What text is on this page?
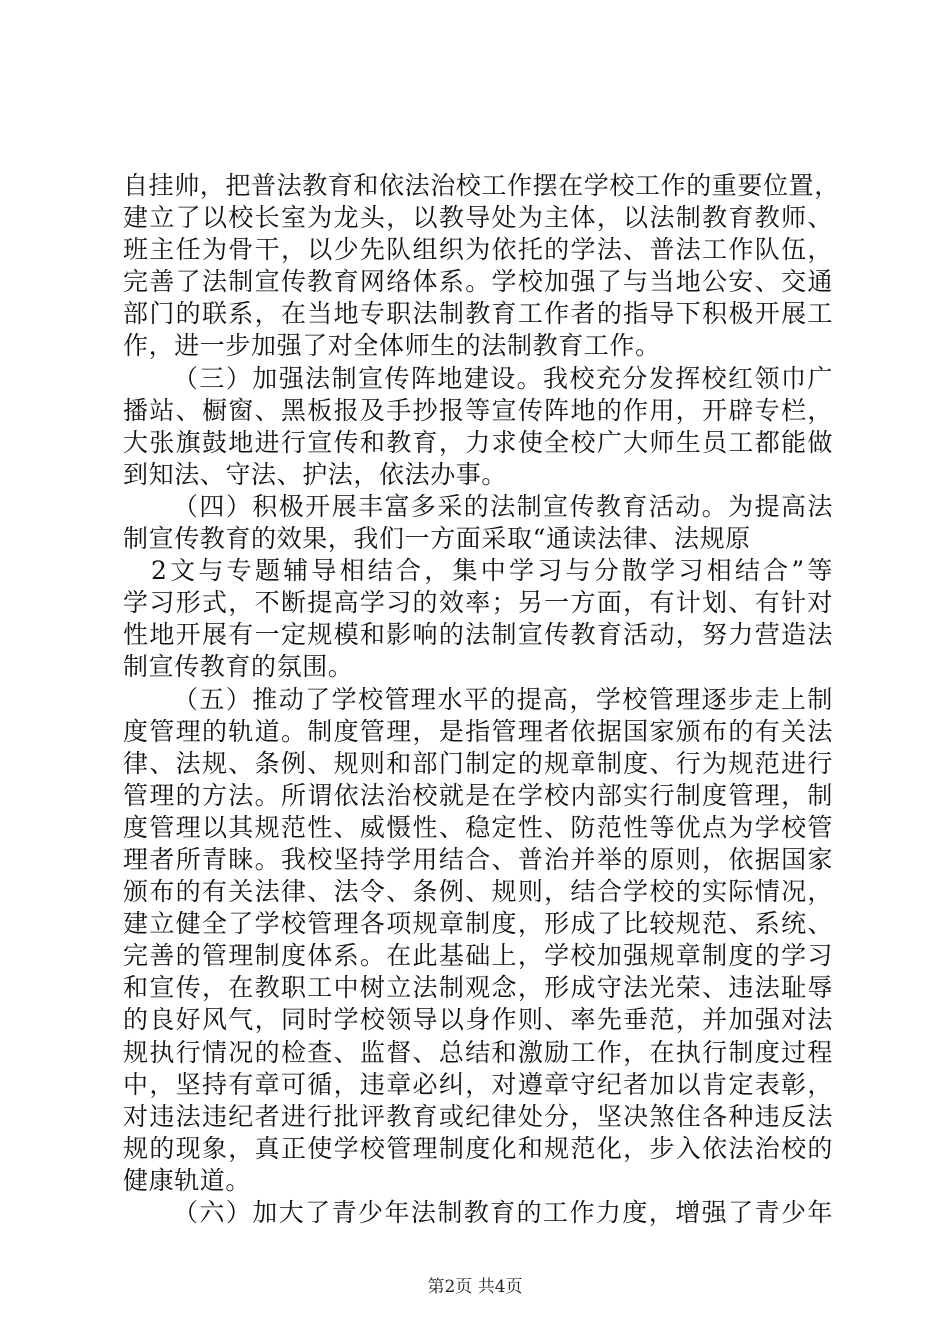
自挂帅，把普法教育和依法治校工作摆在学校工作的重要位置，
建立了以校长室为龙头，以教导处为主体，以法制教育教师、
班主任为骨干，以少先队组织为依托的学法、普法工作队伍，
完善了法制宣传教育网络体系。学校加强了与当地公安、交通
部门的联系，在当地专职法制教育工作者的指导下积极开展工
作，进一步加强了对全体师生的法制教育工作。
（三）加强法制宣传阵地建设。我校充分发挥校红领巾广
播站、橱窗、黑板报及手抄报等宣传阵地的作用，开辟专栏，
大张旗鼓地进行宣传和教育，力求使全校广大师生员工都能做
到知法、守法、护法，依法办事。
（四）积极开展丰富多采的法制宣传教育活动。为提高法
制宣传教育的效果，我们一方面采取“通读法律、法规原
2文与专题辅导相结合，集中学习与分散学习相结合”等
学习形式，不断提高学习的效率；另一方面，有计划、有针对
性地开展有一定规模和影响的法制宣传教育活动，努力营造法
制宣传教育的氛围。
（五）推动了学校管理水平的提高，学校管理逐步走上制
度管理的轨道。制度管理，是指管理者依据国家颁布的有关法
律、法规、条例、规则和部门制定的规章制度、行为规范进行
管理的方法。所谓依法治校就是在学校内部实行制度管理，制
度管理以其规范性、威慑性、稳定性、防范性等优点为学校管
理者所青睐。我校坚持学用结合、普治并举的原则，依据国家
颁布的有关法律、法令、条例、规则，结合学校的实际情况，
建立健全了学校管理各项规章制度，形成了比较规范、系统、
完善的管理制度体系。在此基础上，学校加强规章制度的学习
和宣传，在教职工中树立法制观念，形成守法光荣、违法耻辱
的良好风气，同时学校领导以身作则、率先垂范，并加强对法
规执行情况的检查、监督、总结和激励工作，在执行制度过程
中，坚持有章可循，违章必纠，对遵章守纪者加以肯定表彰，
对违法违纪者进行批评教育或纪律处分，坚决煞住各种违反法
规的现象，真正使学校管理制度化和规范化，步入依法治校的
健康轨道。
（六）加大了青少年法制教育的工作力度，增强了青少年
第2页 共4页
